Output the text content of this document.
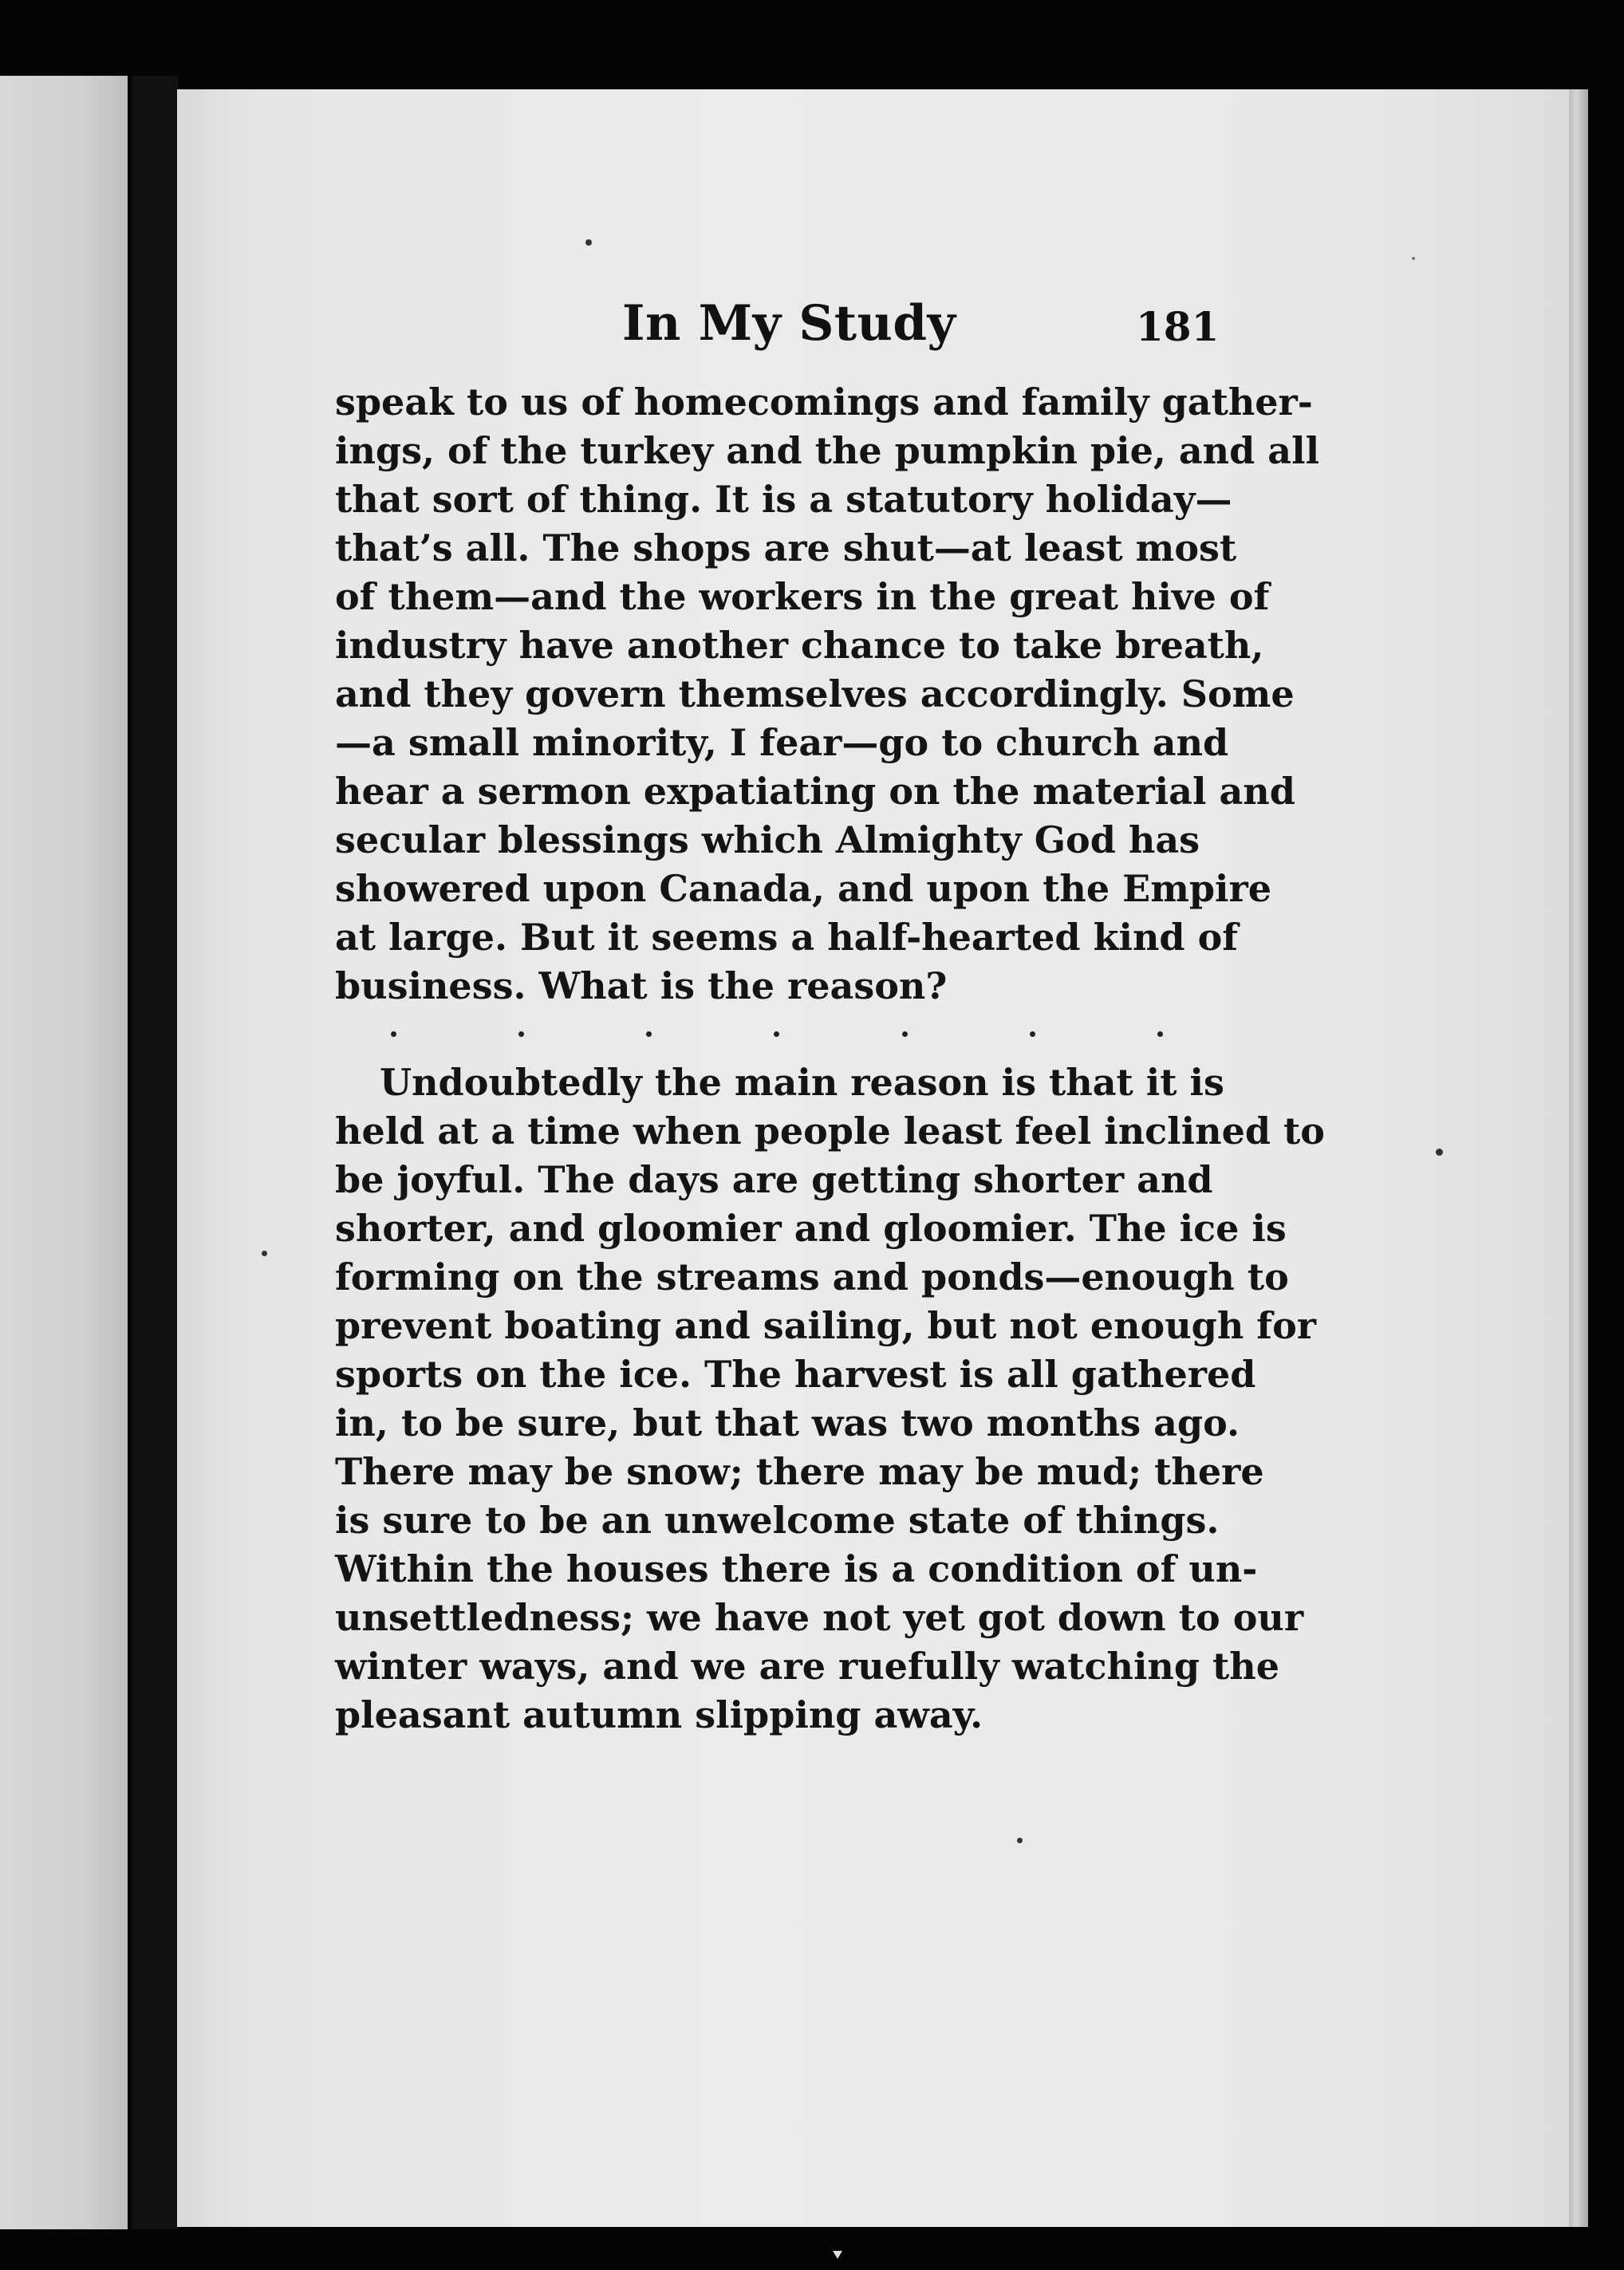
In My Study	181
speak to us of homecomings and family gather-
ings, of the turkey and the pumpkin pie, and all
that sort of thing. It is a statutory holiday—
that’s all. The shops are shut—at least most
of them—and the workers in the great hive of
industry have another chance to take breath,
and they govern themselves accordingly. Some
—a small minority, I fear—go to church and
hear a sermon expatiating on the material and
secular blessings which Almighty God has
showered upon Canada, and upon the Empire
at large. But it seems a half-hearted kind of
business. What is the reason?
Undoubtedly the main reason is that it is
held at a time when people least feel inclined to
be joyful. The days are getting shorter and
shorter, and gloomier and gloomier. The ice is
forming on the streams and ponds—enough to
prevent boating and sailing, but not enough for
sports on the ice. The harvest is all gathered
in, to be sure, but that was two months ago.
There may be snow; there may be mud; there
is sure to be an unwelcome state of things.
Within the houses there is a condition of un-
unsettledness; we have not yet got down to our
winter ways, and we are ruefully watching the
pleasant autumn slipping away.
